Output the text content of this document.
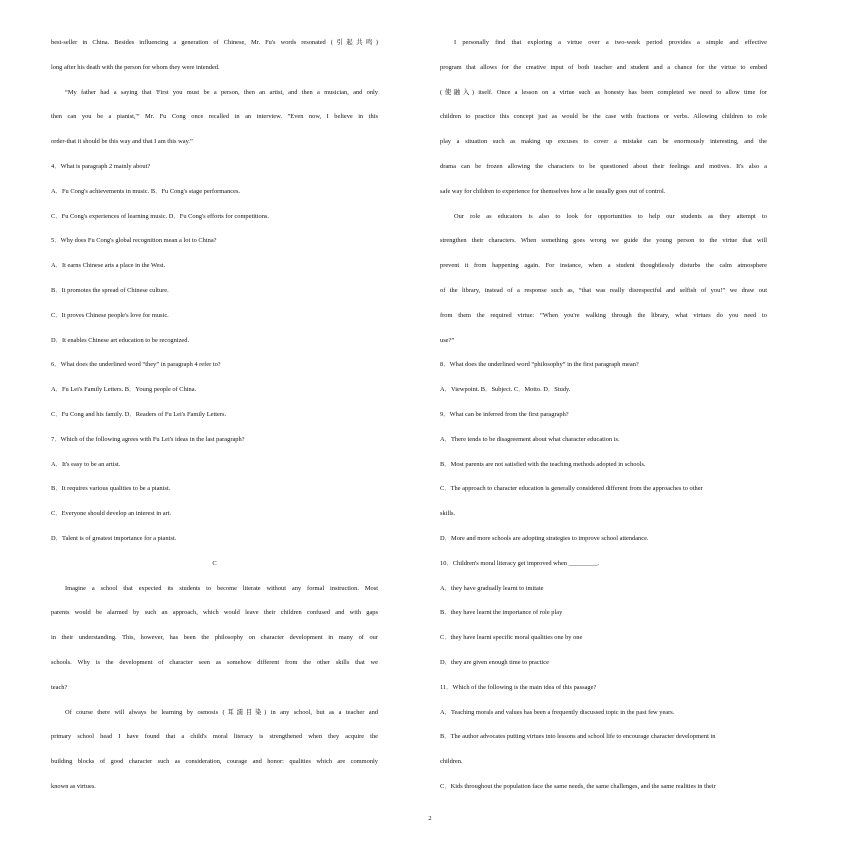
best-seller in China. Besides influencing a generation of Chinese, Mr. Fu's words resonated (引起共鸣)
long after his death with the person for whom they were intended.
“My father had a saying that 'First you must be a person, then an artist, and then a musician, and only
then can you be a pianist,'” Mr. Fu Cong once recalled in an interview. ”Even now, I believe in this
order-that it should be this way and that I am this way.”
4．What is paragraph 2 mainly about?
A．Fu Cong's achievements in music. B．Fu Cong's stage performances.
C．Fu Cong's experiences of learning music. D．Fu Cong's efforts for competitions.
5．Why does Fu Cong's global recognition mean a lot to China?
A．It earns Chinese arts a place in the West.
B．It promotes the spread of Chinese culture.
C．It proves Chinese people's love for music.
D．It enables Chinese art education to be recognized.
6．What does the underlined word “they” in paragraph 4 refer to?
A．Fu Lei's Family Letters. B．Young people of China.
C．Fu Cong and his family. D．Readers of Fu Lei's Family Letters.
7．Which of the following agrees with Fu Lei's ideas in the last paragraph?
A．It's easy to be an artist.
B．It requires various qualities to be a pianist.
C．Everyone should develop an interest in art.
D．Talent is of greatest importance for a pianist.
C
Imagine a school that expected its students to become literate without any formal instruction. Most
parents would be alarmed by such an approach, which would leave their children confused and with gaps
in their understanding. This, however, has been the philosophy on character development in many of our
schools. Why is the development of character seen as somehow different from the other skills that we
teach?
Of course there will always be learning by osmosis (耳濡目染) in any school, but as a teacher and
primary school head I have found that a child's moral literacy is strengthened when they acquire the
building blocks of good character such as consideration, courage and honor: qualities which are commonly
known as virtues.
I personally find that exploring a virtue over a two-week period provides a simple and effective
program that allows for the creative input of both teacher and student and a chance for the virtue to embed
(使融入) itself. Once a lesson on a virtue such as honesty has been completed we need to allow time for
children to practice this concept just as would be the case with fractions or verbs. Allowing children to role
play a situation such as making up excuses to cover a mistake can be enormously interesting, and the
drama can be frozen allowing the characters to be questioned about their feelings and motives. It's also a
safe way for children to experience for themselves how a lie usually goes out of control.
Our role as educators is also to look for opportunities to help our students as they attempt to
strengthen their characters. When something goes wrong we guide the young person to the virtue that will
prevent it from happening again. For instance, when a student thoughtlessly disturbs the calm atmosphere
of the library, instead of a response such as, “that was really disrespectful and selfish of you!” we draw out
from them the required virtue: “When you're walking through the library, what virtues do you need to
use?”
8．What does the underlined word “philosophy” in the first paragraph mean?
A．Viewpoint. B．Subject. C．Motto. D．Study.
9．What can be inferred from the first paragraph?
A．There tends to be disagreement about what character education is.
B．Most parents are not satisfied with the teaching methods adopted in schools.
C．The approach to character education is generally considered different from the approaches to other
skills.
D．More and more schools are adopting strategies to improve school attendance.
10．Children's moral literacy get improved when _________.
A．they have gradually learnt to imitate
B．they have learnt the importance of role play
C．they have learnt specific moral qualities one by one
D．they are given enough time to practice
11．Which of the following is the main idea of this passage?
A．Teaching morals and values has been a frequently discussed topic in the past few years.
B．The author advocates putting virtues into lessons and school life to encourage character development in
children.
C．Kids throughout the population face the same needs, the same challenges, and the same realities in their
2
